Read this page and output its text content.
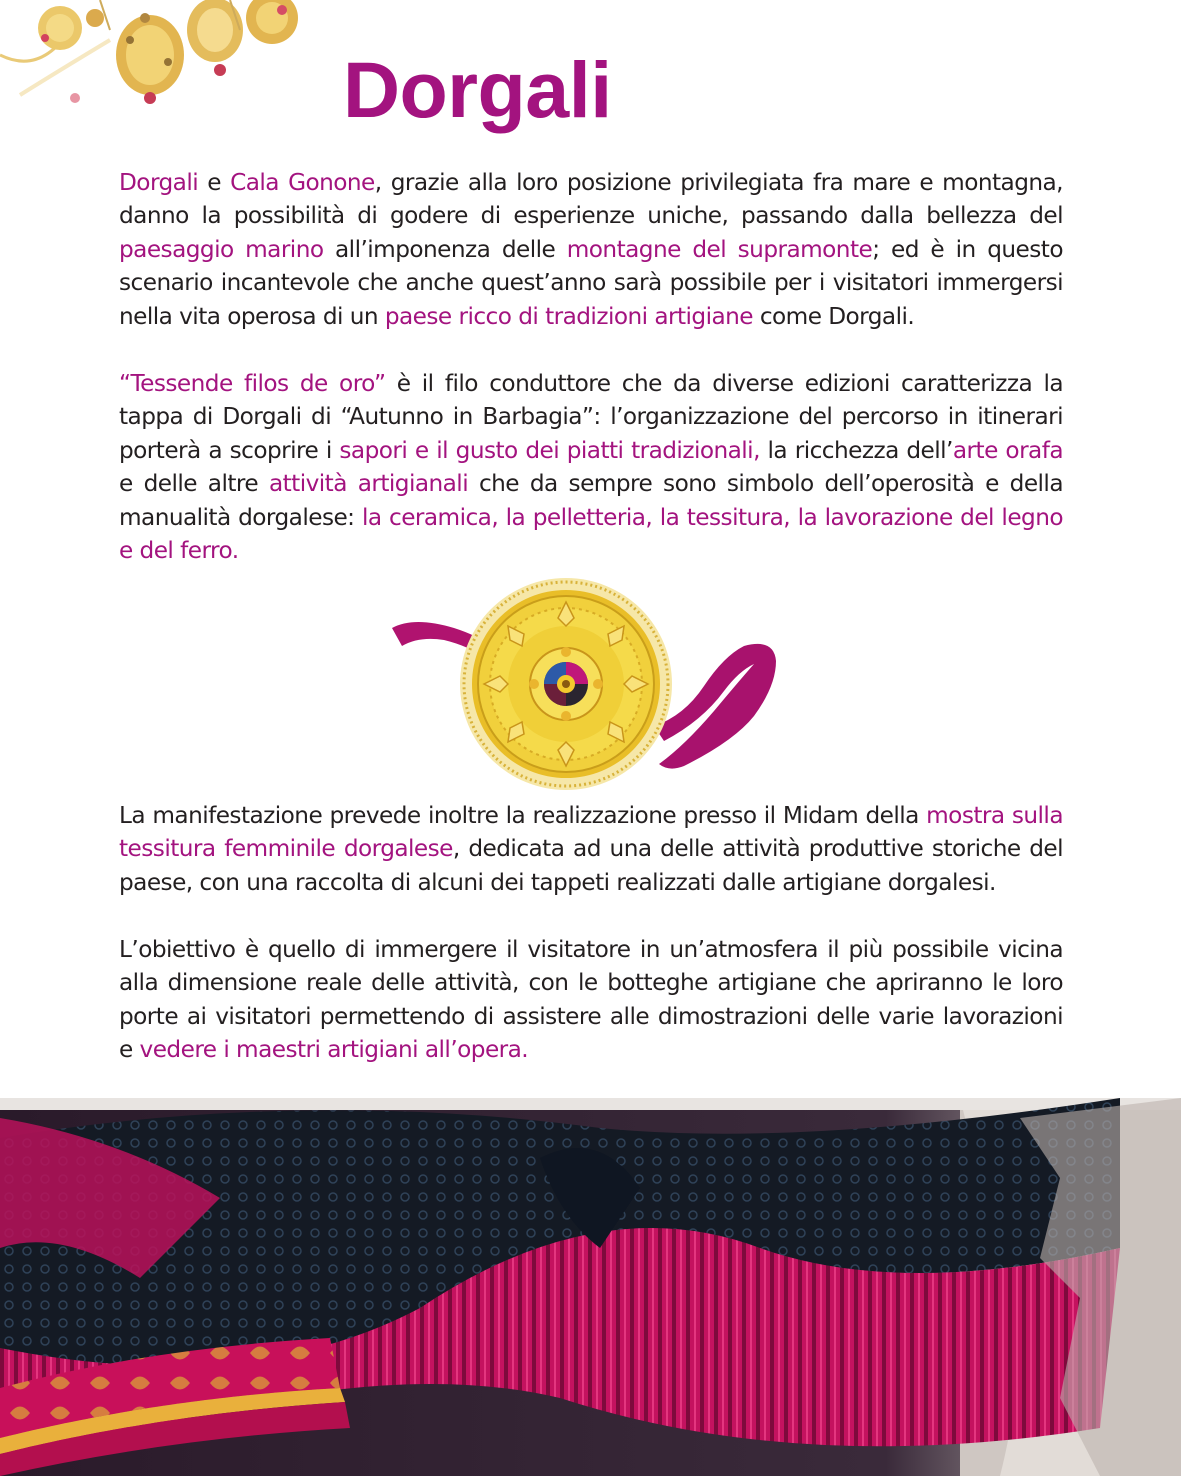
Dorgali

Dorgali e Cala Gonone, grazie alla loro posizione privilegiata fra mare e montagna, danno la possibilità di godere di esperienze uniche, passando dalla bellezza del paesaggio marino all’imponenza delle montagne del supramonte; ed è in questo scenario incantevole che anche quest’anno sarà possibile per i visitatori immergersi nella vita operosa di un paese ricco di tradizioni artigiane come Dorgali.

“Tessende filos de oro” è il filo conduttore che da diverse edizioni caratterizza la tappa di Dorgali di “Autunno in Barbagia”: l’organizzazione del percorso in itinerari porterà a scoprire i sapori e il gusto dei piatti tradizionali, la ricchezza dell’arte orafa e delle altre attività artigianali che da sempre sono simbolo dell’operosità e della manualità dorgalese: la ceramica, la pelletteria, la tessitura, la lavorazione del legno e del ferro.

La manifestazione prevede inoltre la realizzazione presso il Midam della mostra sulla tessitura femminile dorgalese, dedicata ad una delle attività produttive storiche del paese, con una raccolta di alcuni dei tappeti realizzati dalle artigiane dorgalesi.

L’obiettivo è quello di immergere il visitatore in un’atmosfera il più possibile vicina alla dimensione reale delle attività, con le botteghe artigiane che apriranno le loro porte ai visitatori permettendo di assistere alle dimostrazioni delle varie lavorazioni e vedere i maestri artigiani all’opera.
